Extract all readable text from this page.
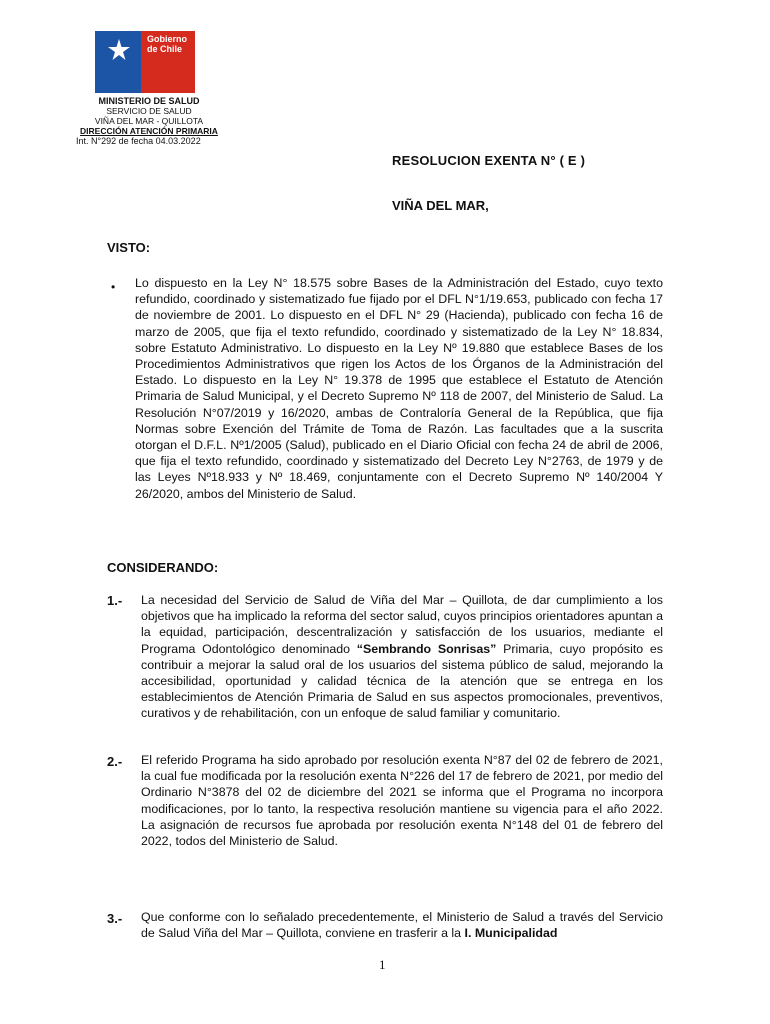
Gobierno
de Chile
MINISTERIO DE SALUD
SERVICIO DE SALUD
VIÑA DEL MAR - QUILLOTA
DIRECCIÓN ATENCIÓN PRIMARIA
Int. N°292 de fecha 04.03.2022
RESOLUCION EXENTA N° ( E )
VIÑA DEL MAR,
VISTO:
• Lo dispuesto en la Ley N° 18.575 sobre Bases de la Administración del Estado, cuyo texto refundido, coordinado y sistematizado fue fijado por el DFL N°1/19.653, publicado con fecha 17 de noviembre de 2001. Lo dispuesto en el DFL N° 29 (Hacienda), publicado con fecha 16 de marzo de 2005, que fija el texto refundido, coordinado y sistematizado de la Ley N° 18.834, sobre Estatuto Administrativo. Lo dispuesto en la Ley Nº 19.880 que establece Bases de los Procedimientos Administrativos que rigen los Actos de los Órganos de la Administración del Estado. Lo dispuesto en la Ley N° 19.378 de 1995 que establece el Estatuto de Atención Primaria de Salud Municipal, y el Decreto Supremo Nº 118 de 2007, del Ministerio de Salud. La Resolución N°07/2019 y 16/2020, ambas de Contraloría General de la República, que fija Normas sobre Exención del Trámite de Toma de Razón. Las facultades que a la suscrita otorgan el D.F.L. Nº1/2005 (Salud), publicado en el Diario Oficial con fecha 24 de abril de 2006, que fija el texto refundido, coordinado y sistematizado del Decreto Ley N°2763, de 1979 y de las Leyes Nº18.933 y Nº 18.469, conjuntamente con el Decreto Supremo Nº 140/2004 Y 26/2020, ambos del Ministerio de Salud.
CONSIDERANDO:
1.- La necesidad del Servicio de Salud de Viña del Mar – Quillota, de dar cumplimiento a los objetivos que ha implicado la reforma del sector salud, cuyos principios orientadores apuntan a la equidad, participación, descentralización y satisfacción de los usuarios, mediante el Programa Odontológico denominado “Sembrando Sonrisas” Primaria, cuyo propósito es contribuir a mejorar la salud oral de los usuarios del sistema público de salud, mejorando la accesibilidad, oportunidad y calidad técnica de la atención que se entrega en los establecimientos de Atención Primaria de Salud en sus aspectos promocionales, preventivos, curativos y de rehabilitación, con un enfoque de salud familiar y comunitario.
2.- El referido Programa ha sido aprobado por resolución exenta N°87 del 02 de febrero de 2021, la cual fue modificada por la resolución exenta N°226 del 17 de febrero de 2021, por medio del Ordinario N°3878 del 02 de diciembre del 2021 se informa que el Programa no incorpora modificaciones, por lo tanto, la respectiva resolución mantiene su vigencia para el año 2022. La asignación de recursos fue aprobada por resolución exenta N°148 del 01 de febrero del 2022, todos del Ministerio de Salud.
3.- Que conforme con lo señalado precedentemente, el Ministerio de Salud a través del Servicio de Salud Viña del Mar – Quillota, conviene en trasferir a la I. Municipalidad
1
